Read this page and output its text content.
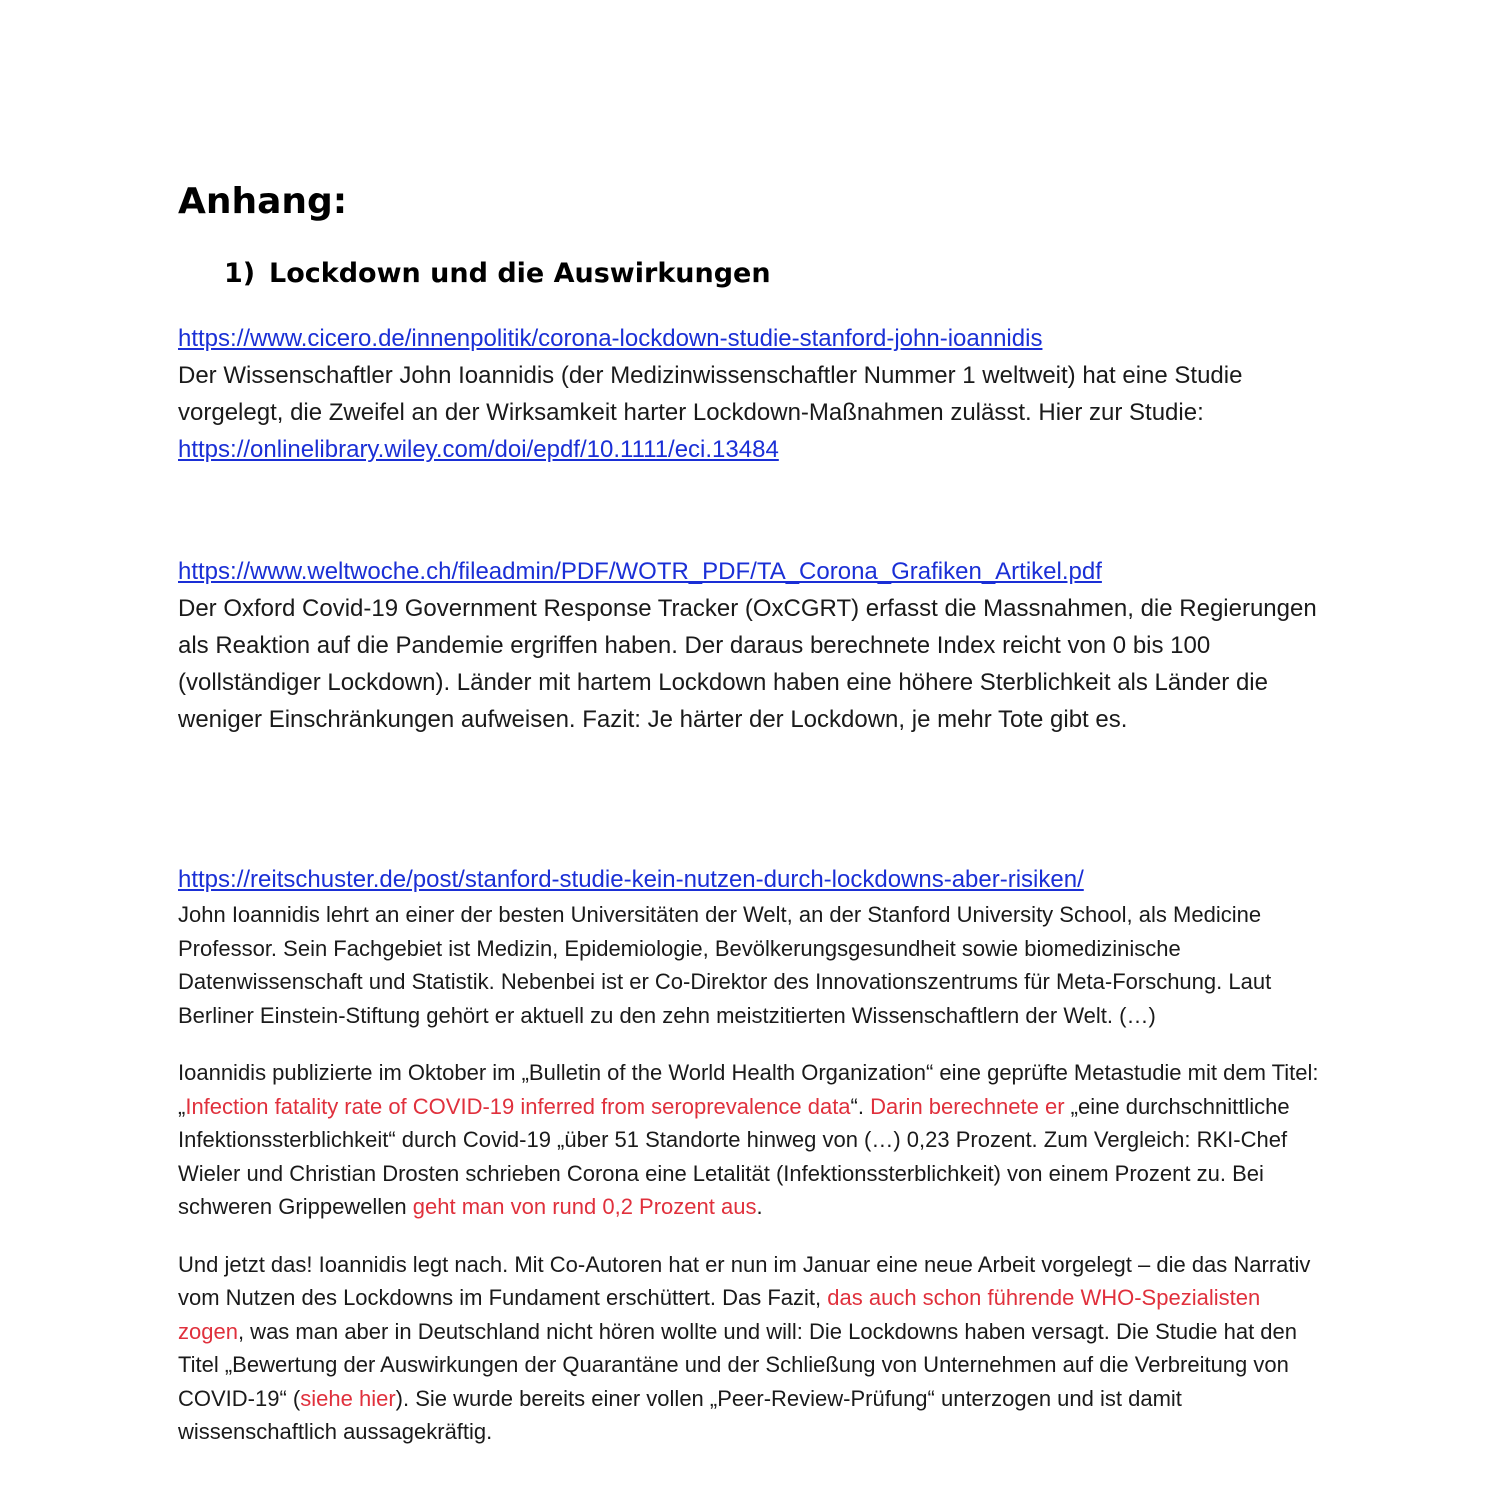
Anhang:
1) Lockdown und die Auswirkungen
https://www.cicero.de/innenpolitik/corona-lockdown-studie-stanford-john-ioannidis

Der Wissenschaftler John Ioannidis (der Medizinwissenschaftler Nummer 1 weltweit) hat eine Studie vorgelegt, die Zweifel an der Wirksamkeit harter Lockdown-Maßnahmen zulässt. Hier zur Studie: https://onlinelibrary.wiley.com/doi/epdf/10.1111/eci.13484

https://www.weltwoche.ch/fileadmin/PDF/WOTR_PDF/TA_Corona_Grafiken_Artikel.pdf

Der Oxford Covid-19 Government Response Tracker (OxCGRT) erfasst die Massnahmen, die Regierungen als Reaktion auf die Pandemie ergriffen haben. Der daraus berechnete Index reicht von 0 bis 100 (vollständiger Lockdown). Länder mit hartem Lockdown haben eine höhere Sterblichkeit als Länder die weniger Einschränkungen aufweisen. Fazit: Je härter der Lockdown, je mehr Tote gibt es.

https://reitschuster.de/post/stanford-studie-kein-nutzen-durch-lockdowns-aber-risiken/

John Ioannidis lehrt an einer der besten Universitäten der Welt, an der Stanford University School, als Medicine Professor. Sein Fachgebiet ist Medizin, Epidemiologie, Bevölkerungsgesundheit sowie biomedizinische Datenwissenschaft und Statistik. Nebenbei ist er Co-Direktor des Innovationszentrums für Meta-Forschung. Laut Berliner Einstein-Stiftung gehört er aktuell zu den zehn meistzitierten Wissenschaftlern der Welt. (…)

Ioannidis publizierte im Oktober im „Bulletin of the World Health Organization“ eine geprüfte Metastudie mit dem Titel: „Infection fatality rate of COVID-19 inferred from seroprevalence data“. Darin berechnete er „eine durchschnittliche Infektionssterblichkeit“ durch Covid-19 „über 51 Standorte hinweg von (…) 0,23 Prozent. Zum Vergleich: RKI-Chef Wieler und Christian Drosten schrieben Corona eine Letalität (Infektionssterblichkeit) von einem Prozent zu. Bei schweren Grippewellen geht man von rund 0,2 Prozent aus.

Und jetzt das! Ioannidis legt nach. Mit Co-Autoren hat er nun im Januar eine neue Arbeit vorgelegt – die das Narrativ vom Nutzen des Lockdowns im Fundament erschüttert. Das Fazit, das auch schon führende WHO-Spezialisten zogen, was man aber in Deutschland nicht hören wollte und will: Die Lockdowns haben versagt. Die Studie hat den Titel „Bewertung der Auswirkungen der Quarantäne und der Schließung von Unternehmen auf die Verbreitung von COVID-19“ (siehe hier). Sie wurde bereits einer vollen „Peer-Review-Prüfung“ unterzogen und ist damit wissenschaftlich aussagekräftig.
